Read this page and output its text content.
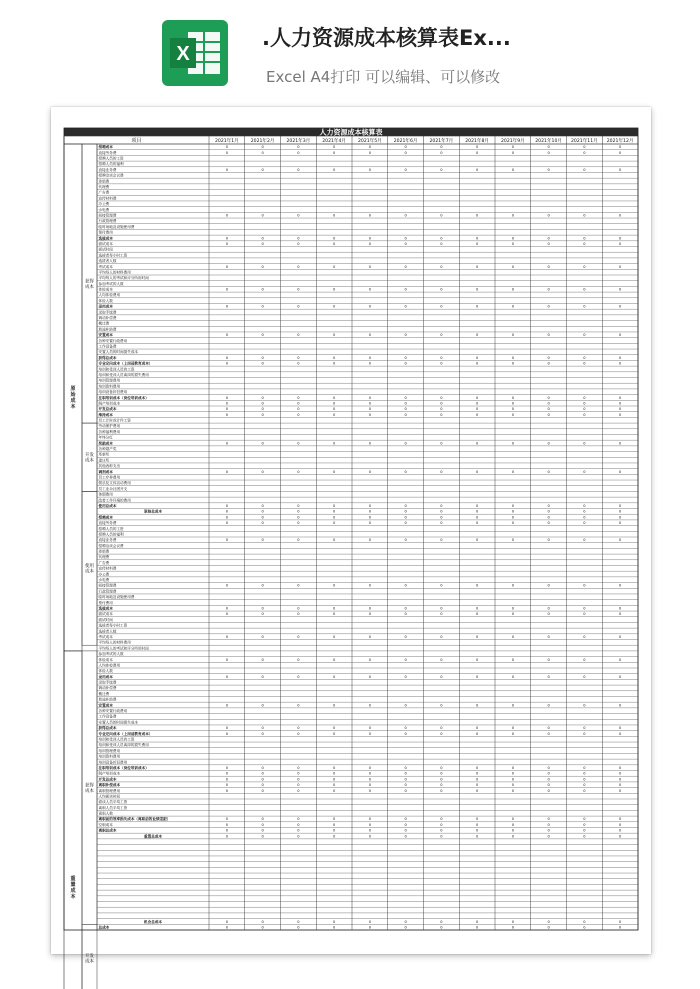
X
.人力资源成本核算表Ex...
Excel A4打印 可以编辑、可以修改
人力资源成本核算表
项目	2021年1月	2021年2月	2021年3月	2021年4月	2021年5月	2021年6月	2021年7月	2021年8月	2021年9月 2021年10月 2021年11月 2021年12月
原
始
成
本
重
置
成
本
获得
成本
开发
成本
使用
成本
获得
成本
开发
成本
招聘成本	0	0	0	0	0	0	0	0	0	0	0	0
直接劳务费	0	0	0	0	0	0	0	0	0	0	0	0
招聘人员的工资
招聘人员的福利
直接业务费	0	0	0	0	0	0	0	0	0	0	0	0
招聘洽谈会议费
差旅费
代理费
广告费
宣传材料费
办公费
水电费
间接管理费	0	0	0	0	0	0	0	0	0	0	0	0
行政管理费
临时场地及设施使用费
预付费用
选拔成本	0	0	0	0	0	0	0	0	0	0	0	0
面试成本	0	0	0	0	0	0	0	0	0	0	0	0
面试时间
选拔者每小时工资
选拔者人数
考试成本	0	0	0	0	0	0	0	0	0	0	0	0
平均每人的材料费用
平均每人的考试和评分所用时间
参加考试的人数
体检成本	0	0	0	0	0	0	0	0	0	0	0	0
人均体检费用
体检人数
录用成本	0	0	0	0	0	0	0	0	0	0	0	0
录取手续费
调动补偿费
搬迁费
旅途补助费
安置成本	0	0	0	0	0	0	0	0	0	0	0	0
各种安置行政费用
工作设备费
安置人员的时间损失成本
获得总成本	0	0	0	0	0	0	0	0	0	0	0	0
专业定向成本（上岗前教育成本）	0	0	0	0	0	0	0	0	0	0	0	0
培训和受训人员的工资
培训和受训人员离岗的损失费用
培训管理费用
培训资料费用
培训设备折旧费用
在职培训成本（岗位培训成本）	0	0	0	0	0	0	0	0	0	0	0	0
脱产培训成本	0	0	0	0	0	0	0	0	0	0	0	0
开发总成本	0	0	0	0	0	0	0	0	0	0	0	0
维持成本	0	0	0	0	0	0	0	0	0	0	0	0
员工计时或计件工资
劳动保护费用
各种福利费用
年终分红
奖励成本	0	0	0	0	0	0	0	0	0	0	0	0
各种超产奖
革新奖
建议奖
其他表彰支出
调剂成本	0	0	0	0	0	0	0	0	0	0	0	0
员工疗养费用
娱乐及文体活动费用
员工业余社团开支
休假费用
改善工作环境的费用
使用总成本	0	0	0	0	0	0	0	0	0	0	0	0
原始总成本	0	0	0	0	0	0	0	0	0	0	0	0
招聘成本	0	0	0	0	0	0	0	0	0	0	0	0
直接劳务费	0	0	0	0	0	0	0	0	0	0	0	0
招聘人员的工资
招聘人员的福利
直接业务费	0	0	0	0	0	0	0	0	0	0	0	0
招聘洽谈会议费
差旅费
代理费
广告费
宣传材料费
办公费
水电费
间接管理费	0	0	0	0	0	0	0	0	0	0	0	0
行政管理费
临时场地及设施使用费
预付费用
选拔成本	0	0	0	0	0	0	0	0	0	0	0	0
面试成本	0	0	0	0	0	0	0	0	0	0	0	0
面试时间
选拔者每小时工资
选拔者人数
考试成本	0	0	0	0	0	0	0	0	0	0	0	0
平均每人的材料费用
平均每人的考试和评分所用时间
参加考试的人数
体检成本	0	0	0	0	0	0	0	0	0	0	0	0
人均体检费用
体检人数
录用成本	0	0	0	0	0	0	0	0	0	0	0	0
录取手续费
调动补偿费
搬迁费
旅途补助费
安置成本	0	0	0	0	0	0	0	0	0	0	0	0
各种安置行政费用
工作设备费
安置人员的时间损失成本
获得总成本	0	0	0	0	0	0	0	0	0	0	0	0
专业定向成本（上岗前教育成本）	0	0	0	0	0	0	0	0	0	0	0	0
培训和受训人员的工资
培训和受训人员离岗的损失费用
培训管理费用
培训资料费用
培训设备折旧费用
在职培训成本（岗位培训成本）	0	0	0	0	0	0	0	0	0	0	0	0
脱产培训成本	0	0	0	0	0	0	0	0	0	0	0	0
开发总成本	0	0	0	0	0	0	0	0	0	0	0	0
离职补偿成本	0	0	0	0	0	0	0	0	0	0	0	0
离职管理费用	0	0	0	0	0	0	0	0	0	0	0	0
人均面谈时间
面谈人员平均工资
离职人员平均工资
离职人数
离职前的效率损失成本（离职前的业绩差距）	0	0	0	0	0	0	0	0	0	0	0	0
空职成本	0	0	0	0	0	0	0	0	0	0	0	0
离职总成本	0	0	0	0	0	0	0	0	0	0	0	0
重置总成本	0	0	0	0	0	0	0	0	0	0	0	0
机会总成本	0	0	0	0	0	0	0	0	0	0	0	0
总成本	0	0	0	0	0	0	0	0	0	0	0	0
